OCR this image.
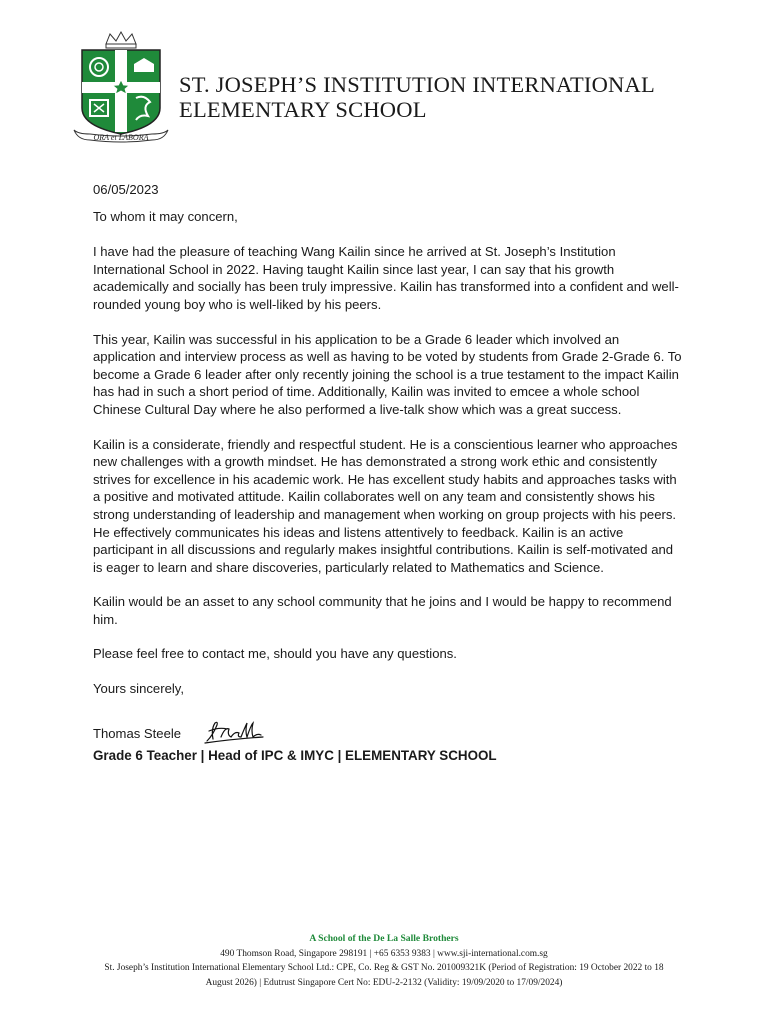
ORA et LABORA
ST. JOSEPH’S INSTITUTION INTERNATIONAL
ELEMENTARY SCHOOL

06/05/2023

To whom it may concern,

I have had the pleasure of teaching Wang Kailin since he arrived at St. Joseph’s Institution International School in 2022. Having taught Kailin since last year, I can say that his growth academically and socially has been truly impressive. Kailin has transformed into a confident and well-rounded young boy who is well-liked by his peers.

This year, Kailin was successful in his application to be a Grade 6 leader which involved an application and interview process as well as having to be voted by students from Grade 2-Grade 6. To become a Grade 6 leader after only recently joining the school is a true testament to the impact Kailin has had in such a short period of time. Additionally, Kailin was invited to emcee a whole school Chinese Cultural Day where he also performed a live-talk show which was a great success.

Kailin is a considerate, friendly and respectful student. He is a conscientious learner who approaches new challenges with a growth mindset. He has demonstrated a strong work ethic and consistently strives for excellence in his academic work. He has excellent study habits and approaches tasks with a positive and motivated attitude. Kailin collaborates well on any team and consistently shows his strong understanding of leadership and management when working on group projects with his peers. He effectively communicates his ideas and listens attentively to feedback. Kailin is an active participant in all discussions and regularly makes insightful contributions. Kailin is self-motivated and is eager to learn and share discoveries, particularly related to Mathematics and Science.

Kailin would be an asset to any school community that he joins and I would be happy to recommend him.

Please feel free to contact me, should you have any questions.

Yours sincerely,

Thomas Steele

Grade 6 Teacher | Head of IPC & IMYC | ELEMENTARY SCHOOL

A School of the De La Salle Brothers
490 Thomson Road, Singapore 298191 | +65 6353 9383 | www.sji-international.com.sg
St. Joseph’s Institution International Elementary School Ltd.: CPE, Co. Reg & GST No. 201009321K (Period of Registration: 19 October 2022 to 18 August 2026) | Edutrust Singapore Cert No: EDU-2-2132 (Validity: 19/09/2020 to 17/09/2024)
